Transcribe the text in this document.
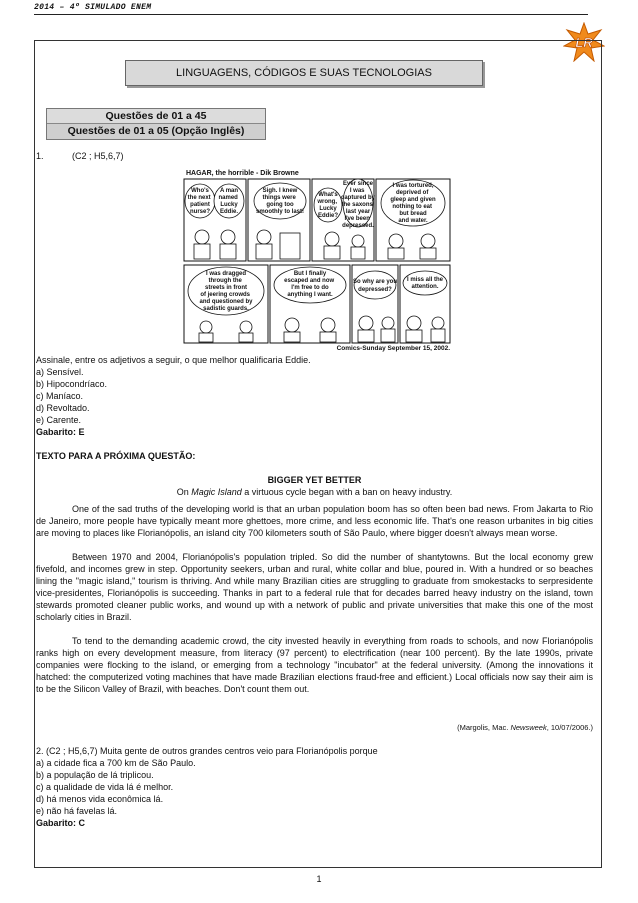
2014 – 4º SIMULADO ENEM
LR
LINGUAGENS, CÓDIGOS E SUAS TECNOLOGIAS
Questões de 01 a 45
Questões de 01 a 05 (Opção Inglês)
1.	(C2 ; H5,6,7)
HAGAR, the horrible - Dik Browne
Who's the next patient nurse?
A man named Lucky Eddie.
Sigh. I knew things were going too smoothly to last!
What's wrong, Lucky Eddie?
Ever since I was captured by the saxons last year I've been depressed.
I was tortured, deprived of gleep and given nothing to eat but bread and water.
I was dragged through the streets in front of jeering crowds and questioned by sadistic guards.
But I finally escaped and now I'm free to do anything I want.
So why are you depressed?
I miss all the attention.
Comics-Sunday September 15, 2002.
Assinale, entre os adjetivos a seguir, o que melhor qualificaria Eddie.
a) Sensível.
b) Hipocondríaco.
c) Maníaco.
d) Revoltado.
e) Carente.
Gabarito: E
TEXTO PARA A PRÓXIMA QUESTÃO:
BIGGER YET BETTER
On Magic Island a virtuous cycle began with a ban on heavy industry.
One of the sad truths of the developing world is that an urban population boom has so often been bad news. From Jakarta to Rio de Janeiro, more people have typically meant more ghettoes, more crime, and less economic life. That's one reason urbanites in big cities are moving to places like Florianópolis, an island city 700 kilometers south of São Paulo, where bigger doesn't always mean worse.
Between 1970 and 2004, Florianópolis's population tripled. So did the number of shantytowns. But the local economy grew fivefold, and incomes grew in step. Opportunity seekers, urban and rural, white collar and blue, poured in. With a hundred or so beaches lining the "magic island," tourism is thriving. And while many Brazilian cities are struggling to graduate from smokestacks to serpresidente vice-presidentes, Florianópolis is succeeding. Thanks in part to a federal rule that for decades barred heavy industry on the island, town stewards promoted cleaner public works, and wound up with a network of public and private universities that make this one of the most scholarly cities in Brazil.
To tend to the demanding academic crowd, the city invested heavily in everything from roads to schools, and now Florianópolis ranks high on every development measure, from literacy (97 percent) to electrification (near 100 percent). By the late 1990s, private companies were flocking to the island, or emerging from a technology "incubator" at the federal university. (Among the innovations it hatched: the computerized voting machines that have made Brazilian elections fraud-free and efficient.) Local officials now say their aim is to be the Silicon Valley of Brazil, with beaches. Don't count them out.
(Margolis, Mac. Newsweek, 10/07/2006.)
2. (C2 ; H5,6,7) Muita gente de outros grandes centros veio para Florianópolis porque
a) a cidade fica a 700 km de São Paulo.
b) a população de lá triplicou.
c) a qualidade de vida lá é melhor.
d) há menos vida econômica lá.
e) não há favelas lá.
Gabarito: C
1
